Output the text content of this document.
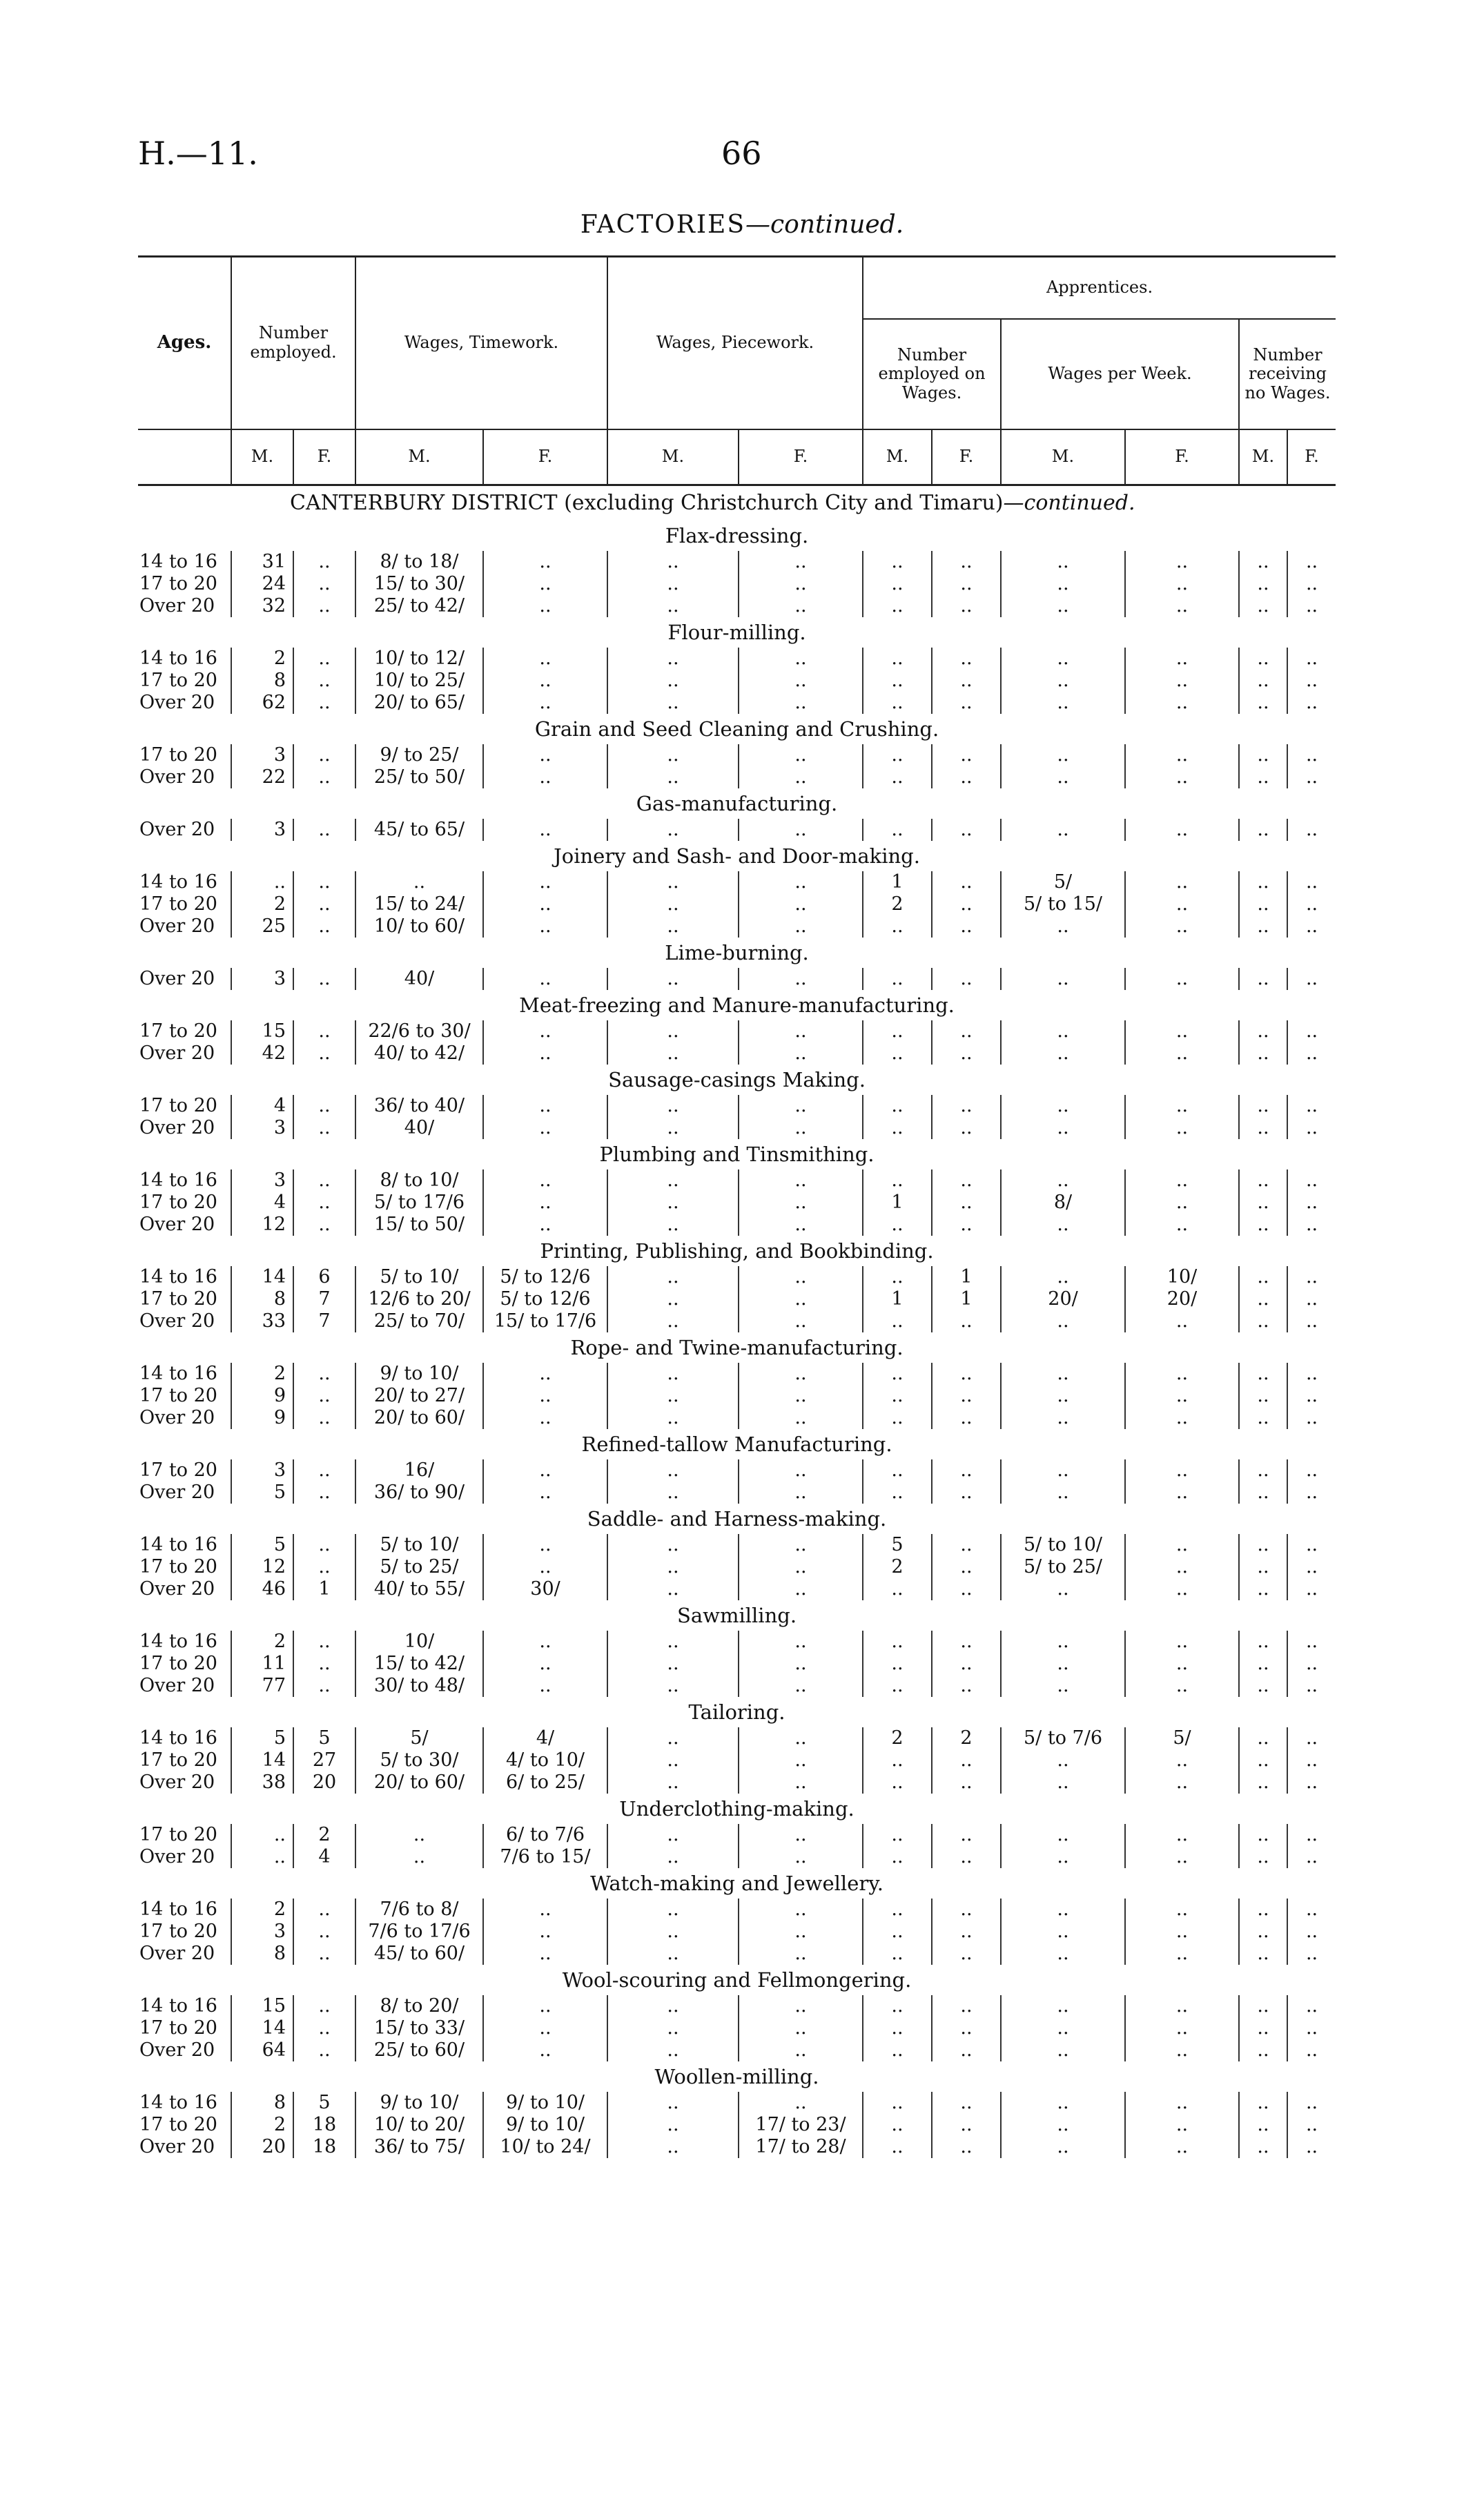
H.—11.	66
FACTORIES—continued.
Ages.	Number employed.		Wages, Timework.		Wages, Piecework.		Apprentices.					
							Number employed on Wages.		Wages per Week.		Number receiving no Wages.	
	M.	F.	M.	F.	M.	F.	M.	F.	M.	F.	M.	F.
CANTERBURY DISTRICT (excluding Christchurch City and Timaru)—continued.												
Flax-dressing.												
14 to 16	31	..	8/ to 18/	..	..	..	..	..	..	..	..	..
17 to 20	24	..	15/ to 30/	..	..	..	..	..	..	..	..	..
Over 20	32	..	25/ to 42/	..	..	..	..	..	..	..	..	..
Flour-milling.												
14 to 16	2	..	10/ to 12/	..	..	..	..	..	..	..	..	..
17 to 20	8	..	10/ to 25/	..	..	..	..	..	..	..	..	..
Over 20	62	..	20/ to 65/	..	..	..	..	..	..	..	..	..
Grain and Seed Cleaning and Crushing.												
17 to 20	3	..	9/ to 25/	..	..	..	..	..	..	..	..	..
Over 20	22	..	25/ to 50/	..	..	..	..	..	..	..	..	..
Gas-manufacturing.												
Over 20	3	..	45/ to 65/	..	..	..	..	..	..	..	..	..
Joinery and Sash- and Door-making.												
14 to 16	..	..	..	..	..	..	1	..	5/	..	..	..
17 to 20	2	..	15/ to 24/	..	..	..	2	..	5/ to 15/	..	..	..
Over 20	25	..	10/ to 60/	..	..	..	..	..	..	..	..	..
Lime-burning.												
Over 20	3	..	40/	..	..	..	..	..	..	..	..	..
Meat-freezing and Manure-manufacturing.												
17 to 20	15	..	22/6 to 30/	..	..	..	..	..	..	..	..	..
Over 20	42	..	40/ to 42/	..	..	..	..	..	..	..	..	..
Sausage-casings Making.												
17 to 20	4	..	36/ to 40/	..	..	..	..	..	..	..	..	..
Over 20	3	..	40/	..	..	..	..	..	..	..	..	..
Plumbing and Tinsmithing.												
14 to 16	3	..	8/ to 10/	..	..	..	..	..	..	..	..	..
17 to 20	4	..	5/ to 17/6	..	..	..	1	..	8/	..	..	..
Over 20	12	..	15/ to 50/	..	..	..	..	..	..	..	..	..
Printing, Publishing, and Bookbinding.												
14 to 16	14	6	5/ to 10/	5/ to 12/6	..	..	..	1	..	10/	..	..
17 to 20	8	7	12/6 to 20/	5/ to 12/6	..	..	1	1	20/	20/	..	..
Over 20	33	7	25/ to 70/	15/ to 17/6	..	..	..	..	..	..	..	..
Rope- and Twine-manufacturing.												
14 to 16	2	..	9/ to 10/	..	..	..	..	..	..	..	..	..
17 to 20	9	..	20/ to 27/	..	..	..	..	..	..	..	..	..
Over 20	9	..	20/ to 60/	..	..	..	..	..	..	..	..	..
Refined-tallow Manufacturing.												
17 to 20	3	..	16/	..	..	..	..	..	..	..	..	..
Over 20	5	..	36/ to 90/	..	..	..	..	..	..	..	..	..
Saddle- and Harness-making.												
14 to 16	5	..	5/ to 10/	..	..	..	5	..	5/ to 10/	..	..	..
17 to 20	12	..	5/ to 25/	..	..	..	2	..	5/ to 25/	..	..	..
Over 20	46	1	40/ to 55/	30/	..	..	..	..	..	..	..	..
Sawmilling.												
14 to 16	2	..	10/	..	..	..	..	..	..	..	..	..
17 to 20	11	..	15/ to 42/	..	..	..	..	..	..	..	..	..
Over 20	77	..	30/ to 48/	..	..	..	..	..	..	..	..	..
Tailoring.												
14 to 16	5	5	5/	4/	..	..	2	2	5/ to 7/6	5/	..	..
17 to 20	14	27	5/ to 30/	4/ to 10/	..	..	..	..	..	..	..	..
Over 20	38	20	20/ to 60/	6/ to 25/	..	..	..	..	..	..	..	..
Underclothing-making.												
17 to 20	..	2	..	6/ to 7/6	..	..	..	..	..	..	..	..
Over 20	..	4	..	7/6 to 15/	..	..	..	..	..	..	..	..
Watch-making and Jewellery.												
14 to 16	2	..	7/6 to 8/	..	..	..	..	..	..	..	..	..
17 to 20	3	..	7/6 to 17/6	..	..	..	..	..	..	..	..	..
Over 20	8	..	45/ to 60/	..	..	..	..	..	..	..	..	..
Wool-scouring and Fellmongering.												
14 to 16	15	..	8/ to 20/	..	..	..	..	..	..	..	..	..
17 to 20	14	..	15/ to 33/	..	..	..	..	..	..	..	..	..
Over 20	64	..	25/ to 60/	..	..	..	..	..	..	..	..	..
Woollen-milling.												
14 to 16	8	5	9/ to 10/	9/ to 10/	..	..	..	..	..	..	..	..
17 to 20	2	18	10/ to 20/	9/ to 10/	..	17/ to 23/	..	..	..	..	..	..
Over 20	20	18	36/ to 75/	10/ to 24/	..	17/ to 28/	..	..	..	..	..	..
